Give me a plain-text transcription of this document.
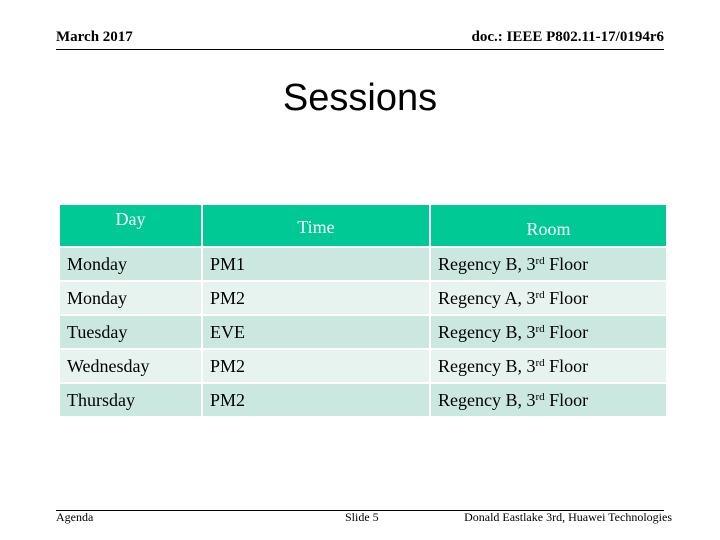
March 2017	doc.: IEEE P802.11-17/0194r6
Sessions
Day	Time	Room
Monday	PM1	Regency B, 3rd Floor
Monday	PM2	Regency A, 3rd Floor
Tuesday	EVE	Regency B, 3rd Floor
Wednesday	PM2	Regency B, 3rd Floor
Thursday	PM2	Regency B, 3rd Floor
Agenda	Slide 5	Donald Eastlake 3rd, Huawei Technologies
